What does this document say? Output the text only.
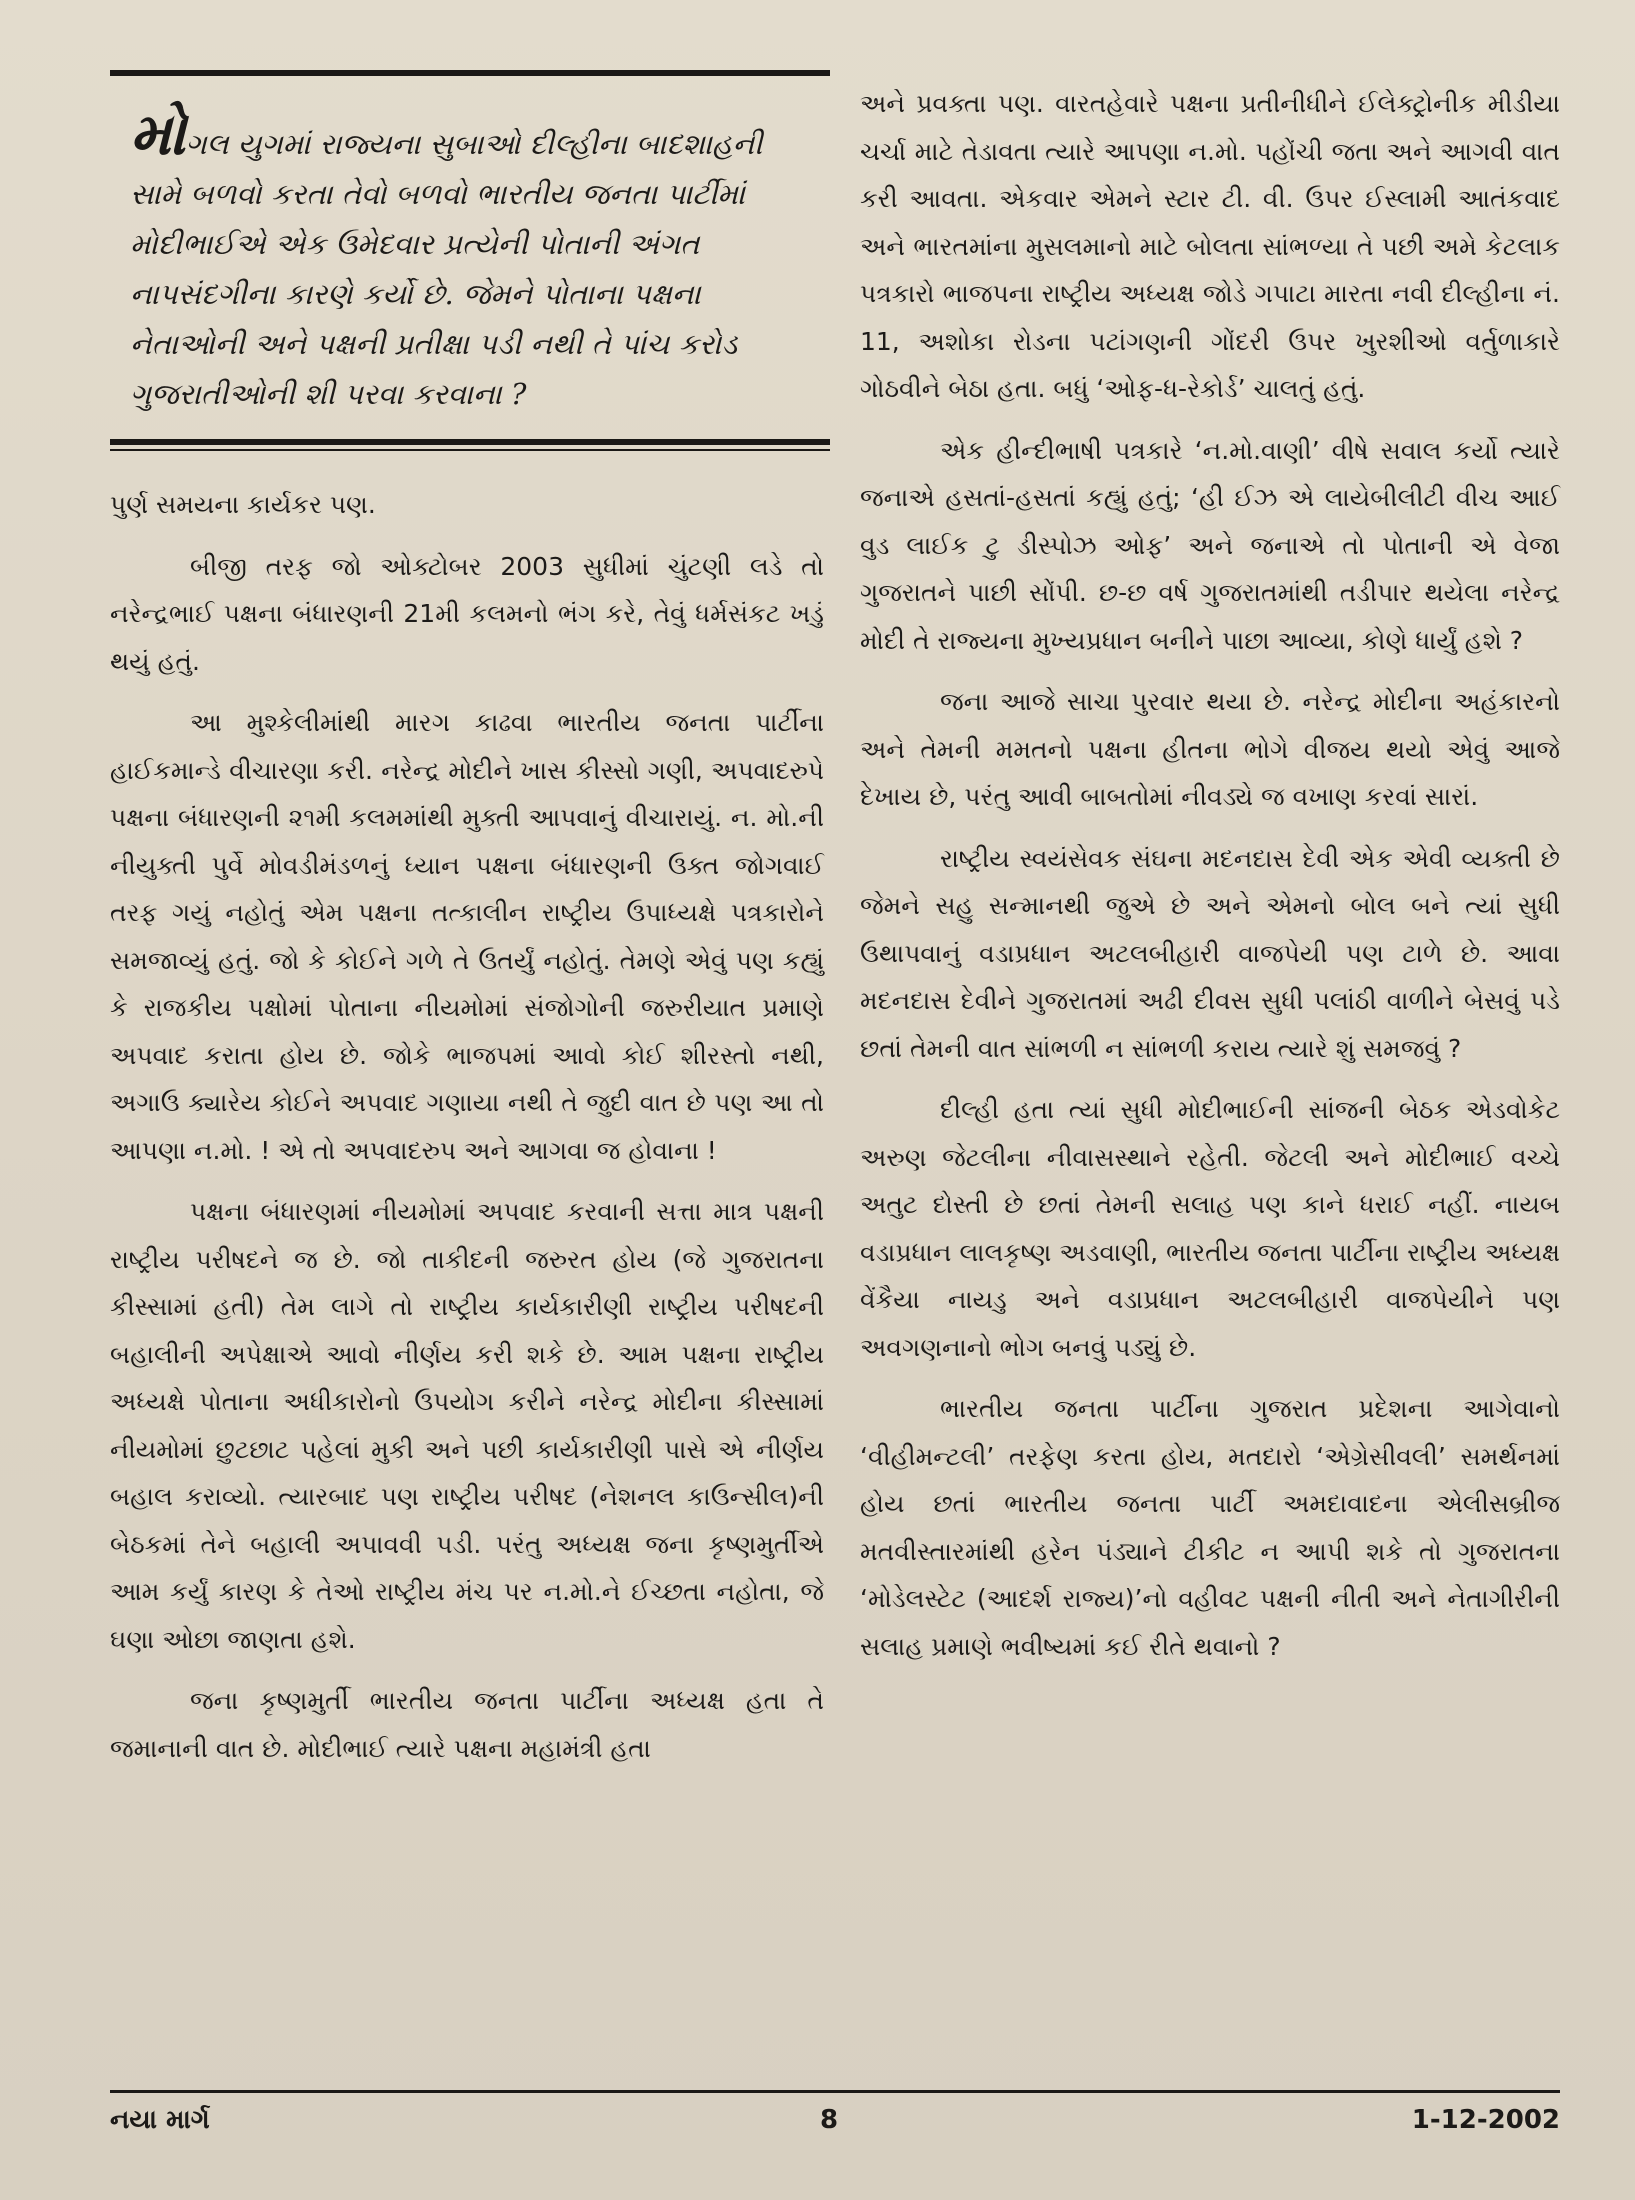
મોગલ યુગમાં રાજ્યના સુબાઓ દીલ્હીના બાદશાહની સામે બળવો કરતા તેવો બળવો ભારતીય જનતા પાર્ટીમાં મોદીભાઈએ એક ઉમેદવાર પ્રત્યેની પોતાની અંગત નાપસંદગીના કારણે કર્યો છે. જેમને પોતાના પક્ષના નેતાઓની અને પક્ષની પ્રતીક્ષા પડી નથી તે પાંચ કરોડ ગુજરાતીઓની શી પરવા કરવાના ?

પુર્ણ સમયના કાર્યકર પણ.

બીજી તરફ જો ઓક્ટોબર 2003 સુધીમાં ચુંટણી લડે તો નરેન્દ્રભાઈ પક્ષના બંધારણની 21મી કલમનો ભંગ કરે, તેવું ધર્મસંકટ ખડું થયું હતું.

આ મુશ્કેલીમાંથી મારગ કાઢવા ભારતીય જનતા પાર્ટીના હાઈકમાન્ડે વીચારણા કરી. નરેન્દ્ર મોદીને ખાસ કીસ્સો ગણી, અપવાદરુપે પક્ષના બંધારણની ૨૧મી કલમમાંથી મુક્તી આપવાનું વીચારાયું. ન. મો.ની નીયુક્તી પુર્વે મોવડીમંડળનું ધ્યાન પક્ષના બંધારણની ઉક્ત જોગવાઈ તરફ ગયું નહોતું એમ પક્ષના તત્કાલીન રાષ્ટ્રીય ઉપાધ્યક્ષે પત્રકારોને સમજાવ્યું હતું. જો કે કોઈને ગળે તે ઉતર્યું નહોતું. તેમણે એવું પણ કહ્યું કે રાજકીય પક્ષોમાં પોતાના નીયમોમાં સંજોગોની જરુરીયાત પ્રમાણે અપવાદ કરાતા હોય છે. જોકે ભાજપમાં આવો કોઈ શીરસ્તો નથી, અગાઉ ક્યારેય કોઈને અપવાદ ગણાયા નથી તે જુદી વાત છે પણ આ તો આપણા ન.મો. ! એ તો અપવાદરુપ અને આગવા જ હોવાના !

પક્ષના બંધારણમાં નીયમોમાં અપવાદ કરવાની સત્તા માત્ર પક્ષની રાષ્ટ્રીય પરીષદને જ છે. જો તાકીદની જરુરત હોય (જે ગુજરાતના કીસ્સામાં હતી) તેમ લાગે તો રાષ્ટ્રીય કાર્યકારીણી રાષ્ટ્રીય પરીષદની બહાલીની અપેક્ષાએ આવો નીર્ણય કરી શકે છે. આમ પક્ષના રાષ્ટ્રીય અધ્યક્ષે પોતાના અધીકારોનો ઉપયોગ કરીને નરેન્દ્ર મોદીના કીસ્સામાં નીયમોમાં છુટછાટ પહેલાં મુકી અને પછી કાર્યકારીણી પાસે એ નીર્ણય બહાલ કરાવ્યો. ત્યારબાદ પણ રાષ્ટ્રીય પરીષદ (નેશનલ કાઉન્સીલ)ની બેઠકમાં તેને બહાલી અપાવવી પડી. પરંતુ અધ્યક્ષ જના કૃષ્ણમુર્તીએ આમ કર્યું કારણ કે તેઓ રાષ્ટ્રીય મંચ પર ન.મો.ને ઈચ્છતા નહોતા, જે ઘણા ઓછા જાણતા હશે.

જના કૃષ્ણમુર્તી ભારતીય જનતા પાર્ટીના અધ્યક્ષ હતા તે જમાનાની વાત છે. મોદીભાઈ ત્યારે પક્ષના મહામંત્રી હતા

અને પ્રવક્તા પણ. વારતહેવારે પક્ષના પ્રતીનીધીને ઈલેક્ટ્રોનીક મીડીયા ચર્ચા માટે તેડાવતા ત્યારે આપણા ન.મો. પહોંચી જતા અને આગવી વાત કરી આવતા. એકવાર એમને સ્ટાર ટી. વી. ઉપર ઈસ્લામી આતંકવાદ અને ભારતમાંના મુસલમાનો માટે બોલતા સાંભળ્યા તે પછી અમે કેટલાક પત્રકારો ભાજપના રાષ્ટ્રીય અધ્યક્ષ જોડે ગપાટા મારતા નવી દીલ્હીના નં. 11, અશોકા રોડના પટાંગણની ગોંદરી ઉપર ખુરશીઓ વર્તુળાકારે ગોઠવીને બેઠા હતા. બધું ‘ઓફ-ધ-રેકોર્ડ’ ચાલતું હતું.

એક હીન્દીભાષી પત્રકારે ‘ન.મો.વાણી’ વીષે સવાલ કર્યો ત્યારે જનાએ હસતાં-હસતાં કહ્યું હતું; ‘હી ઈઝ એ લાયેબીલીટી વીચ આઈ વુડ લાઈક ટુ ડીસ્પોઝ ઓફ’ અને જનાએ તો પોતાની એ વેજા ગુજરાતને પાછી સોંપી. છ-છ વર્ષ ગુજરાતમાંથી તડીપાર થયેલા નરેન્દ્ર મોદી તે રાજ્યના મુખ્યપ્રધાન બનીને પાછા આવ્યા, કોણે ધાર્યું હશે ?

જના આજે સાચા પુરવાર થયા છે. નરેન્દ્ર મોદીના અહંકારનો અને તેમની મમતનો પક્ષના હીતના ભોગે વીજય થયો એવું આજે દેખાય છે, પરંતુ આવી બાબતોમાં નીવડ્યે જ વખાણ કરવાં સારાં.

રાષ્ટ્રીય સ્વયંસેવક સંઘના મદનદાસ દેવી એક એવી વ્યક્તી છે જેમને સહુ સન્માનથી જુએ છે અને એમનો બોલ બને ત્યાં સુધી ઉથાપવાનું વડાપ્રધાન અટલબીહારી વાજપેયી પણ ટાળે છે. આવા મદનદાસ દેવીને ગુજરાતમાં અઢી દીવસ સુધી પલાંઠી વાળીને બેસવું પડે છતાં તેમની વાત સાંભળી ન સાંભળી કરાય ત્યારે શું સમજવું ?

દીલ્હી હતા ત્યાં સુધી મોદીભાઈની સાંજની બેઠક એડવોકેટ અરુણ જેટલીના નીવાસસ્થાને રહેતી. જેટલી અને મોદીભાઈ વચ્ચે અતુટ દોસ્તી છે છતાં તેમની સલાહ પણ કાને ધરાઈ નહીં. નાયબ વડાપ્રધાન લાલકૃષ્ણ અડવાણી, ભારતીય જનતા પાર્ટીના રાષ્ટ્રીય અધ્યક્ષ વેંકૈયા નાયડુ અને વડાપ્રધાન અટલબીહારી વાજપેયીને પણ અવગણનાનો ભોગ બનવું પડ્યું છે.

ભારતીય જનતા પાર્ટીના ગુજરાત પ્રદેશના આગેવાનો ‘વીહીમન્ટલી’ તરફેણ કરતા હોય, મતદારો ‘એગ્રેસીવલી’ સમર્થનમાં હોય છતાં ભારતીય જનતા પાર્ટી અમદાવાદના એલીસબ્રીજ મતવીસ્તારમાંથી હરેન પંડ્યાને ટીકીટ ન આપી શકે તો ગુજરાતના ‘મોડેલસ્ટેટ (આદર્શ રાજ્ય)’નો વહીવટ પક્ષની નીતી અને નેતાગીરીની સલાહ પ્રમાણે ભવીષ્યમાં કઈ રીતે થવાનો ?

નયા માર્ગ	8	1-12-2002
